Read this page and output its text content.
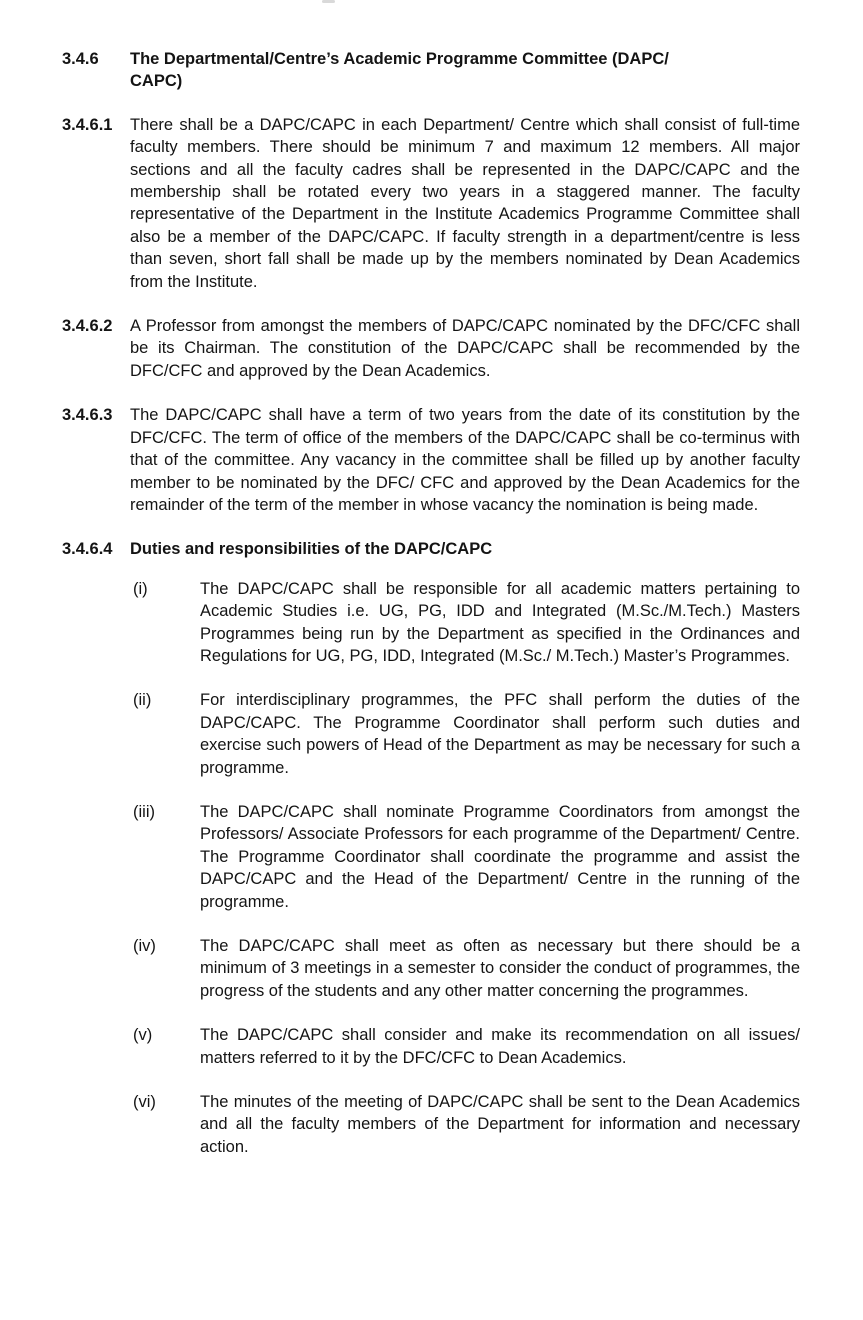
3.4.6	The Departmental/Centre’s Academic Programme Committee (DAPC/
CAPC)
3.4.6.1	There shall be a DAPC/CAPC in each Department/ Centre which shall consist of full-time faculty members. There should be minimum 7 and maximum 12 members. All major sections and all the faculty cadres shall be represented in the DAPC/CAPC and the membership shall be rotated every two years in a staggered manner. The faculty representative of the Department in the Institute Academics Programme Committee shall also be a member of the DAPC/CAPC. If faculty strength in a department/centre is less than seven, short fall shall be made up by the members nominated by Dean Academics from the Institute.

3.4.6.2	A Professor from amongst the members of DAPC/CAPC nominated by the DFC/CFC shall be its Chairman. The constitution of the DAPC/CAPC shall be recommended by the DFC/CFC and approved by the Dean Academics.

3.4.6.3	The DAPC/CAPC shall have a term of two years from the date of its constitution by the DFC/CFC. The term of office of the members of the DAPC/CAPC shall be co-terminus with that of the committee. Any vacancy in the committee shall be filled up by another faculty member to be nominated by the DFC/ CFC and approved by the Dean Academics for the remainder of the term of the member in whose vacancy the nomination is being made.

3.4.6.4	Duties and responsibilities of the DAPC/CAPC

(i)	The DAPC/CAPC shall be responsible for all academic matters pertaining to Academic Studies i.e. UG, PG, IDD and Integrated (M.Sc./M.Tech.) Masters Programmes being run by the Department as specified in the Ordinances and Regulations for UG, PG, IDD, Integrated (M.Sc./ M.Tech.) Master’s Programmes.

(ii)	For interdisciplinary programmes, the PFC shall perform the duties of the DAPC/CAPC. The Programme Coordinator shall perform such duties and exercise such powers of Head of the Department as may be necessary for such a programme.

(iii)	The DAPC/CAPC shall nominate Programme Coordinators from amongst the Professors/ Associate Professors for each programme of the Department/ Centre. The Programme Coordinator shall coordinate the programme and assist the DAPC/CAPC and the Head of the Department/ Centre in the running of the programme.

(iv)	The DAPC/CAPC shall meet as often as necessary but there should be a minimum of 3 meetings in a semester to consider the conduct of programmes, the progress of the students and any other matter concerning the programmes.

(v)	The DAPC/CAPC shall consider and make its recommendation on all issues/ matters referred to it by the DFC/CFC to Dean Academics.

(vi)	The minutes of the meeting of DAPC/CAPC shall be sent to the Dean Academics and all the faculty members of the Department for information and necessary action.
